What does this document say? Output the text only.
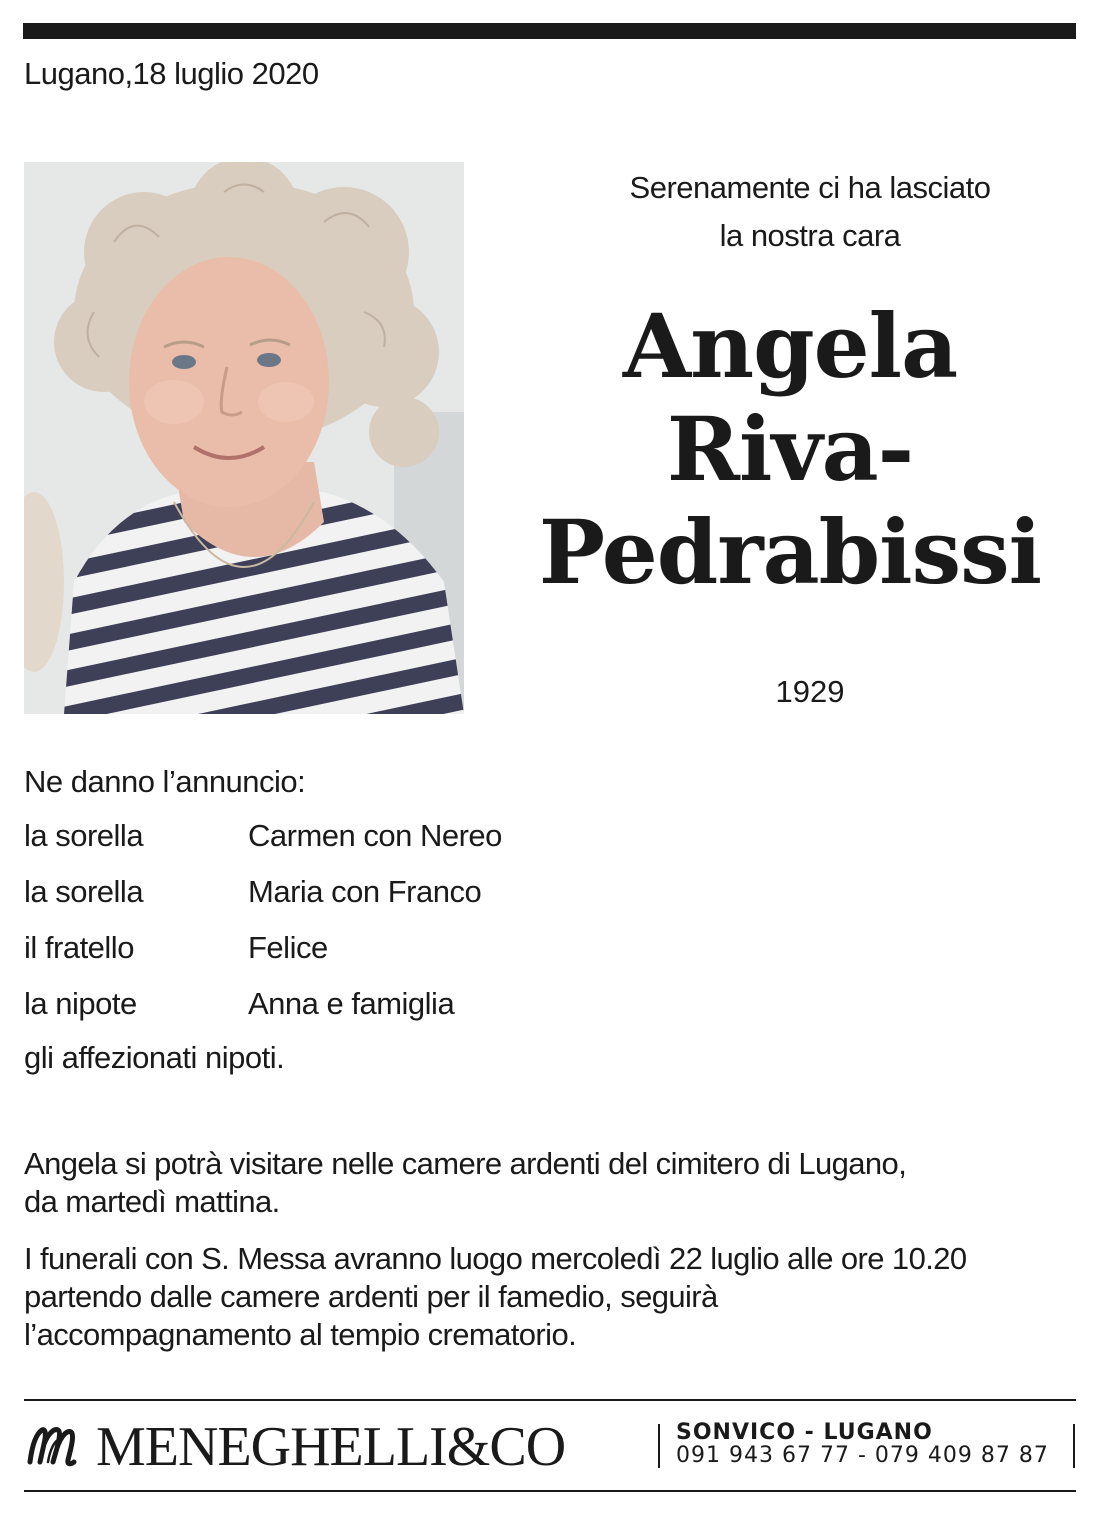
Lugano,18 luglio 2020
Serenamente ci ha lasciato
la nostra cara
Angela
Riva-
Pedrabissi
1929
Ne danno l’annuncio:
la sorella	Carmen con Nereo
la sorella	Maria con Franco
il fratello	Felice
la nipote	Anna e famiglia
gli affezionati nipoti.
Angela si potrà visitare nelle camere ardenti del cimitero di Lugano,
da martedì mattina.
I funerali con S. Messa avranno luogo mercoledì 22 luglio alle ore 10.20
partendo dalle camere ardenti per il famedio, seguirà
l’accompagnamento al tempio crematorio.
MENEGHELLI&CO	SONVICO - LUGANO
091 943 67 77 - 079 409 87 87
